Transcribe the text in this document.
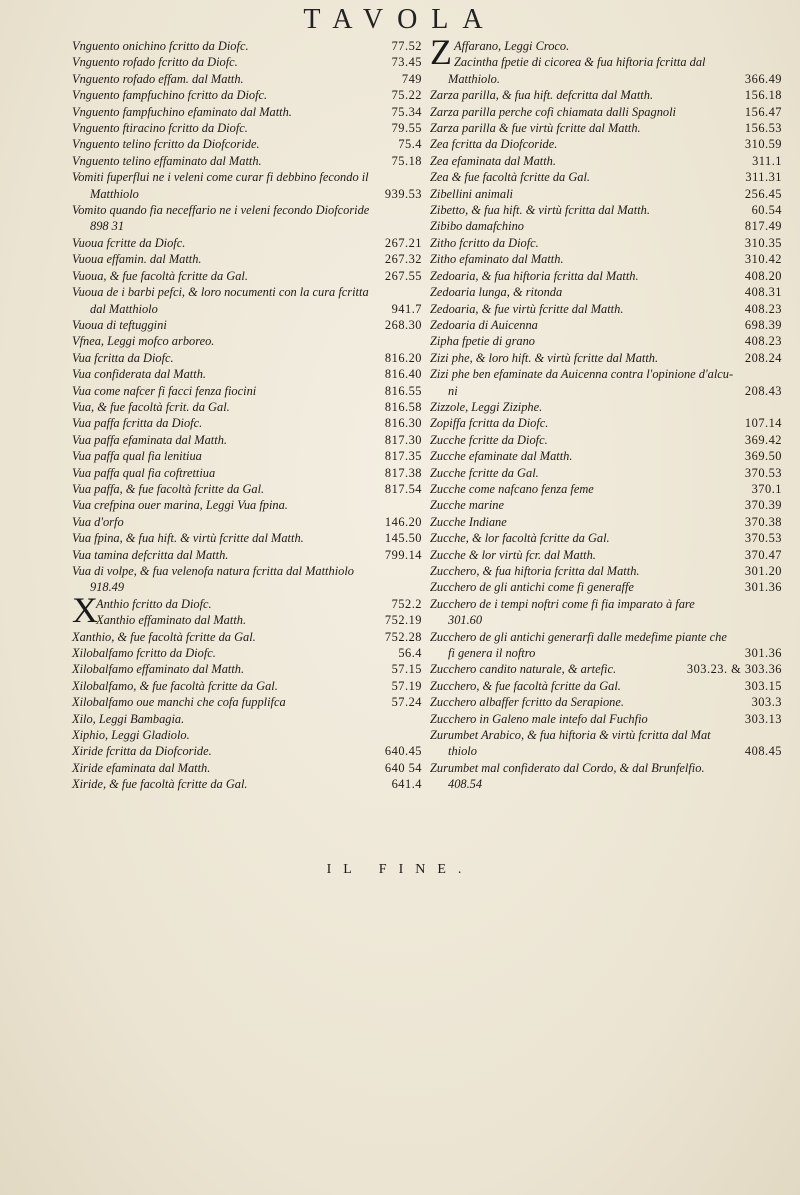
TAVOLA
Vnguento onichino fcritto da Diofc.	77.52
Vnguento rofado fcritto da Diofc.	73.45
Vnguento rofado effam. dal Matth.	749
Vnguento fampfuchino fcritto da Diofc.	75.22
Vnguento fampfuchino efaminato dal Matth.	75.34
Vnguento ftiracino fcritto da Diofc.	79.55
Vnguento telino fcritto da Diofcoride.	75.4
Vnguento telino effaminato dal Matth.	75.18
Vomiti fuperflui ne i veleni come curar fi debbino fecondo il
Matthiolo	939.53
Vomito quando fia neceffario ne i veleni fecondo Diofcoride
898 31
Vuoua fcritte da Diofc.	267.21
Vuoua effamin. dal Matth.	267.32
Vuoua, & fue facoltà fcritte da Gal.	267.55
Vuoua de i barbi pefci, & loro nocumenti con la cura fcritta
dal Matthiolo	941.7
Vuoua di teftuggini	268.30
Vfnea, Leggi mofco arboreo.
Vua fcritta da Diofc.	816.20
Vua confiderata dal Matth.	816.40
Vua come nafcer fi facci fenza fiocini	816.55
Vua, & fue facoltà fcrit. da Gal.	816.58
Vua paffa fcritta da Diofc.	816.30
Vua paffa efaminata dal Matth.	817.30
Vua paffa qual fia lenitiua	817.35
Vua paffa qual fia coftrettiua	817.38
Vua paffa, & fue facoltà fcritte da Gal.	817.54
Vua crefpina ouer marina, Leggi Vua fpina.
Vua d'orfo	146.20
Vua fpina, & fua hift. & virtù fcritte dal Matth.	145.50
Vua tamina defcritta dal Matth.	799.14
Vua di volpe, & fua velenofa natura fcritta dal Matthiolo
918.49
X
Anthio fcritto da Diofc.	752.2
Xanthio effaminato dal Matth.	752.19
Xanthio, & fue facoltà fcritte da Gal.	752.28
Xilobalfamo fcritto da Diofc.	56.4
Xilobalfamo effaminato dal Matth.	57.15
Xilobalfamo, & fue facoltà fcritte da Gal.	57.19
Xilobalfamo oue manchi che cofa fupplifca	57.24
Xilo, Leggi Bambagia.
Xiphio, Leggi Gladiolo.
Xiride fcritta da Diofcoride.	640.45
Xiride efaminata dal Matth.	640 54
Xiride, & fue facoltà fcritte da Gal.	641.4
Z Affarano, Leggi Croco.
Zacintha fpetie di cicorea & fua hiftoria fcritta dal
Matthiolo.	366.49
Zarza parilla, & fua hift. defcritta dal Matth.	156.18
Zarza parilla perche cofi chiamata dalli Spagnoli	156.47
Zarza parilla & fue virtù fcritte dal Matth.	156.53
Zea fcritta da Diofcoride.	310.59
Zea efaminata dal Matth.	311.1
Zea & fue facoltà fcritte da Gal.	311.31
Zibellini animali	256.45
Zibetto, & fua hift. & virtù fcritta dal Matth.	60.54
Zibibo damafchino	817.49
Zitho fcritto da Diofc.	310.35
Zitho efaminato dal Matth.	310.42
Zedoaria, & fua hiftoria fcritta dal Matth.	408.20
Zedoaria lunga, & ritonda	408.31
Zedoaria, & fue virtù fcritte dal Matth.	408.23
Zedoaria di Auicenna	698.39
Zipha fpetie di grano	408.23
Zizi phe, & loro hift. & virtù fcritte dal Matth.	208.24
Zizi phe ben efaminate da Auicenna contra l'opinione d'alcu-
ni	208.43
Zizzole, Leggi Ziziphe.
Zopiffa fcritta da Diofc.	107.14
Zucche fcritte da Diofc.	369.42
Zucche efaminate dal Matth.	369.50
Zucche fcritte da Gal.	370.53
Zucche come nafcano fenza feme	370.1
Zucche marine	370.39
Zucche Indiane	370.38
Zucche, & lor facoltà fcritte da Gal.	370.53
Zucche & lor virtù fcr. dal Matth.	370.47
Zucchero, & fua hiftoria fcritta dal Matth.	301.20
Zucchero de gli antichi come fi generaffe	301.36
Zucchero de i tempi noftri come fi fia imparato à fare
301.60
Zucchero de gli antichi generarfi dalle medefime piante che
fi genera il noftro	301.36
Zucchero candito naturale, & artefic.	303.23. & 303.36
Zucchero, & fue facoltà fcritte da Gal.	303.15
Zucchero albaffer fcritto da Serapione.	303.3
Zucchero in Galeno male intefo dal Fuchfio	303.13
Zurumbet Arabico, & fua hiftoria & virtù fcritta dal Mat
thiolo	408.45
Zurumbet mal confiderato dal Cordo, & dal Brunfelfio.
408.54
IL FINE.
